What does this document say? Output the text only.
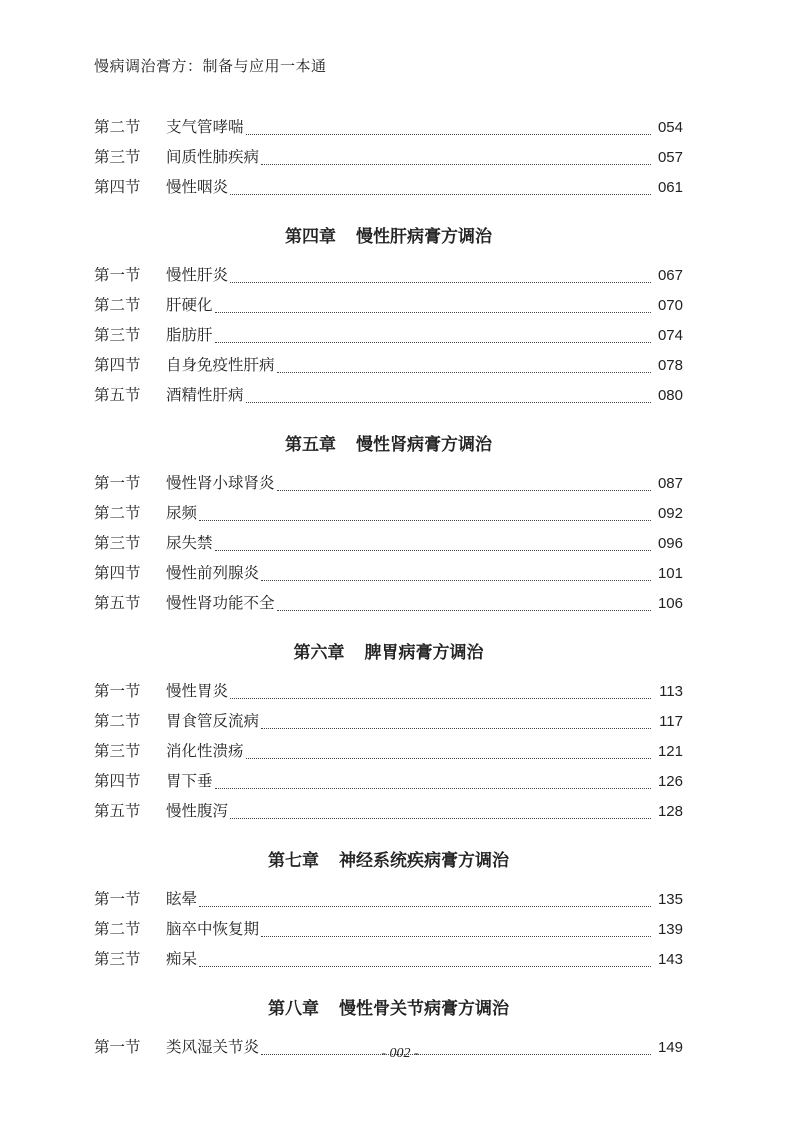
慢病调治膏方：制备与应用一本通
第二节	支气管哮喘	054
第三节	间质性肺疾病	057
第四节	慢性咽炎	061
第四章 慢性肝病膏方调治
第一节	慢性肝炎	067
第二节	肝硬化	070
第三节	脂肪肝	074
第四节	自身免疫性肝病	078
第五节	酒精性肝病	080
第五章 慢性肾病膏方调治
第一节	慢性肾小球肾炎	087
第二节	尿频	092
第三节	尿失禁	096
第四节	慢性前列腺炎	101
第五节	慢性肾功能不全	106
第六章 脾胃病膏方调治
第一节	慢性胃炎	113
第二节	胃食管反流病	117
第三节	消化性溃疡	121
第四节	胃下垂	126
第五节	慢性腹泻	128
第七章 神经系统疾病膏方调治
第一节	眩晕	135
第二节	脑卒中恢复期	139
第三节	痴呆	143
第八章 慢性骨关节病膏方调治
第一节	类风湿关节炎	149
- 002 -
